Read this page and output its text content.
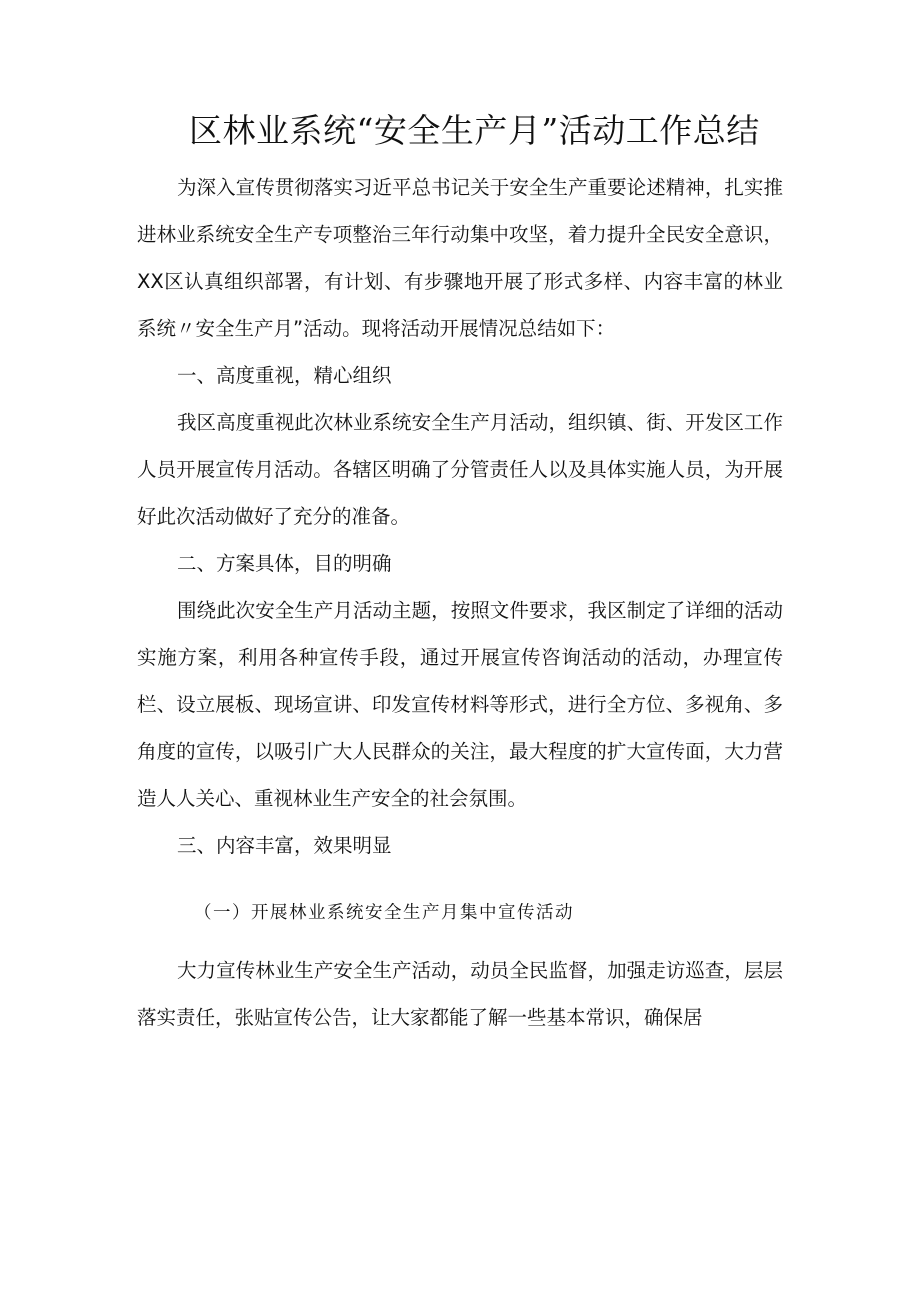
区林业系统“安全生产月”活动工作总结

为深入宣传贯彻落实习近平总书记关于安全生产重要论述精神，扎实推进林业系统安全生产专项整治三年行动集中攻坚，着力提升全民安全意识，XX区认真组织部署，有计划、有步骤地开展了形式多样、内容丰富的林业系统〃安全生产月”活动。现将活动开展情况总结如下：

一、高度重视，精心组织

我区高度重视此次林业系统安全生产月活动，组织镇、街、开发区工作人员开展宣传月活动。各辖区明确了分管责任人以及具体实施人员，为开展好此次活动做好了充分的准备。

二、方案具体，目的明确

围绕此次安全生产月活动主题，按照文件要求，我区制定了详细的活动实施方案，利用各种宣传手段，通过开展宣传咨询活动的活动，办理宣传栏、设立展板、现场宣讲、印发宣传材料等形式，进行全方位、多视角、多角度的宣传，以吸引广大人民群众的关注，最大程度的扩大宣传面，大力营造人人关心、重视林业生产安全的社会氛围。

三、内容丰富，效果明显

（一）开展林业系统安全生产月集中宣传活动

大力宣传林业生产安全生产活动，动员全民监督，加强走访巡查，层层落实责任，张贴宣传公告，让大家都能了解一些基本常识，确保居
